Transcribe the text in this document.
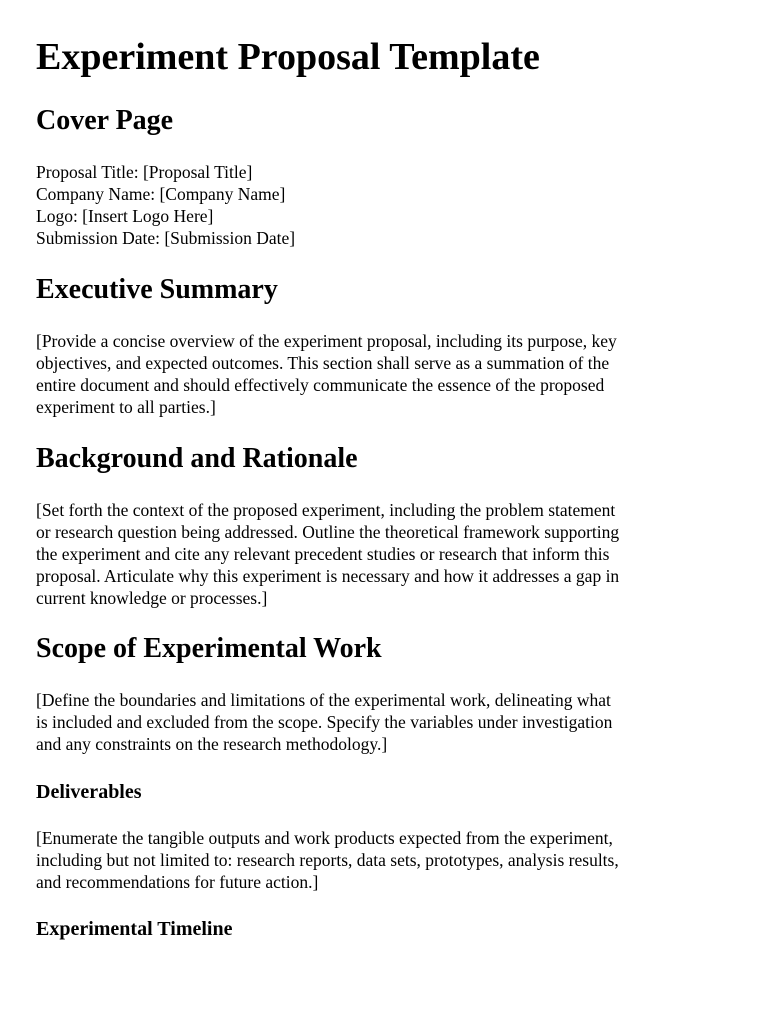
Experiment Proposal Template
Cover Page

Proposal Title: [Proposal Title]
Company Name: [Company Name]
Logo: [Insert Logo Here]
Submission Date: [Submission Date]

Executive Summary

[Provide a concise overview of the experiment proposal, including its purpose, key
objectives, and expected outcomes. This section shall serve as a summation of the
entire document and should effectively communicate the essence of the proposed
experiment to all parties.]

Background and Rationale

[Set forth the context of the proposed experiment, including the problem statement
or research question being addressed. Outline the theoretical framework supporting
the experiment and cite any relevant precedent studies or research that inform this
proposal. Articulate why this experiment is necessary and how it addresses a gap in
current knowledge or processes.]

Scope of Experimental Work

[Define the boundaries and limitations of the experimental work, delineating what
is included and excluded from the scope. Specify the variables under investigation
and any constraints on the research methodology.]

Deliverables

[Enumerate the tangible outputs and work products expected from the experiment,
including but not limited to: research reports, data sets, prototypes, analysis results,
and recommendations for future action.]

Experimental Timeline
